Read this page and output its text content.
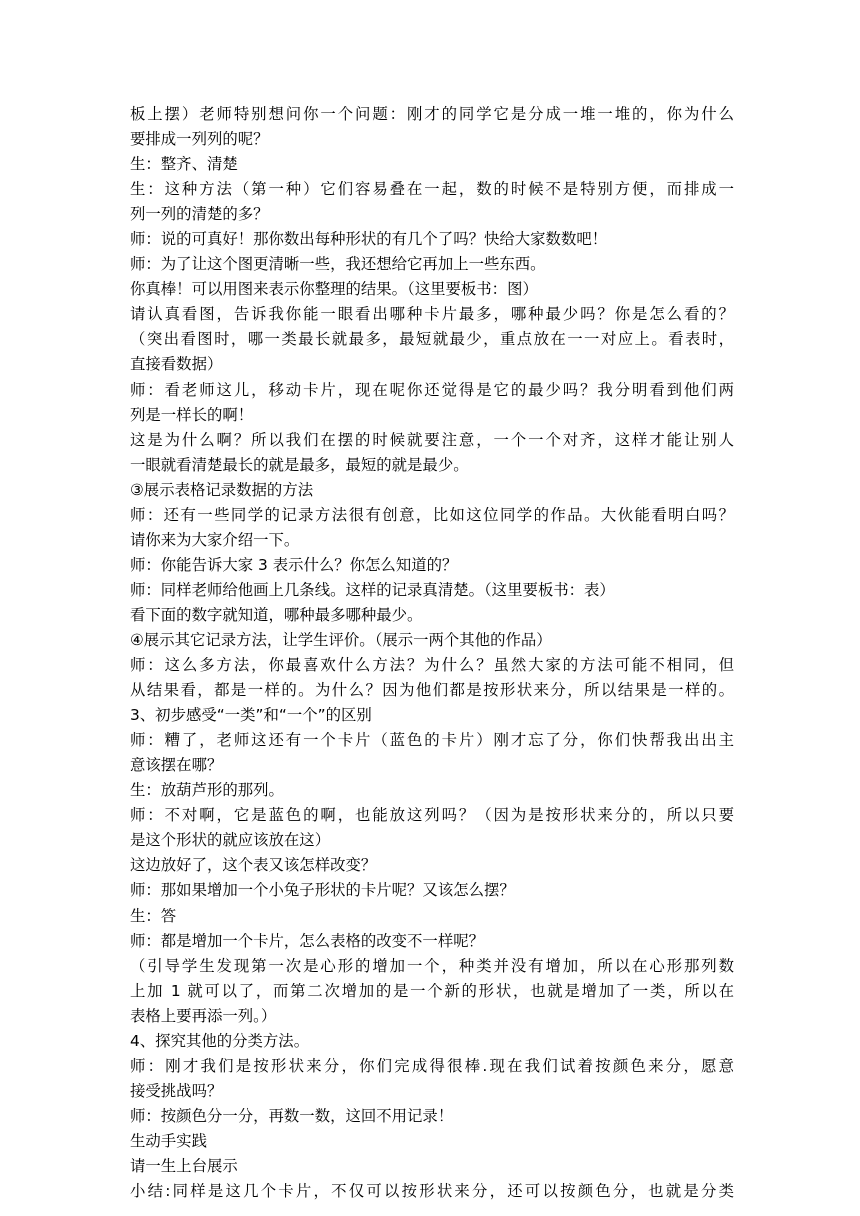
板上摆）老师特别想问你一个问题：刚才的同学它是分成一堆一堆的，你为什么
要排成一列列的呢？
生：整齐、清楚
生：这种方法（第一种）它们容易叠在一起，数的时候不是特别方便，而排成一
列一列的清楚的多？
师：说的可真好！那你数出每种形状的有几个了吗？快给大家数数吧！
师：为了让这个图更清晰一些，我还想给它再加上一些东西。
你真棒！可以用图来表示你整理的结果。（这里要板书：图）
请认真看图，告诉我你能一眼看出哪种卡片最多，哪种最少吗？你是怎么看的？
（突出看图时，哪一类最长就最多，最短就最少，重点放在一一对应上。看表时，
直接看数据）
师：看老师这儿，移动卡片，现在呢你还觉得是它的最少吗？我分明看到他们两
列是一样长的啊！
这是为什么啊？所以我们在摆的时候就要注意，一个一个对齐，这样才能让别人
一眼就看清楚最长的就是最多，最短的就是最少。
③展示表格记录数据的方法
师：还有一些同学的记录方法很有创意，比如这位同学的作品。大伙能看明白吗？
请你来为大家介绍一下。
师：你能告诉大家 3 表示什么？你怎么知道的？
师：同样老师给他画上几条线。这样的记录真清楚。（这里要板书：表）
看下面的数字就知道，哪种最多哪种最少。
④展示其它记录方法，让学生评价。（展示一两个其他的作品）
师：这么多方法，你最喜欢什么方法？为什么？虽然大家的方法可能不相同，但
从结果看，都是一样的。为什么？因为他们都是按形状来分，所以结果是一样的。
3、初步感受“一类”和“一个”的区别
师：糟了，老师这还有一个卡片（蓝色的卡片）刚才忘了分，你们快帮我出出主
意该摆在哪？
生：放葫芦形的那列。
师：不对啊，它是蓝色的啊，也能放这列吗？（因为是按形状来分的，所以只要
是这个形状的就应该放在这）
这边放好了，这个表又该怎样改变？
师：那如果增加一个小兔子形状的卡片呢？又该怎么摆？
生：答
师：都是增加一个卡片，怎么表格的改变不一样呢？
（引导学生发现第一次是心形的增加一个，种类并没有增加，所以在心形那列数
上加 1 就可以了，而第二次增加的是一个新的形状，也就是增加了一类，所以在
表格上要再添一列。）
4、探究其他的分类方法。
师：刚才我们是按形状来分，你们完成得很棒.现在我们试着按颜色来分，愿意
接受挑战吗？
师：按颜色分一分，再数一数，这回不用记录！
生动手实践
请一生上台展示
小结:同样是这几个卡片，不仅可以按形状来分，还可以按颜色分，也就是分类
